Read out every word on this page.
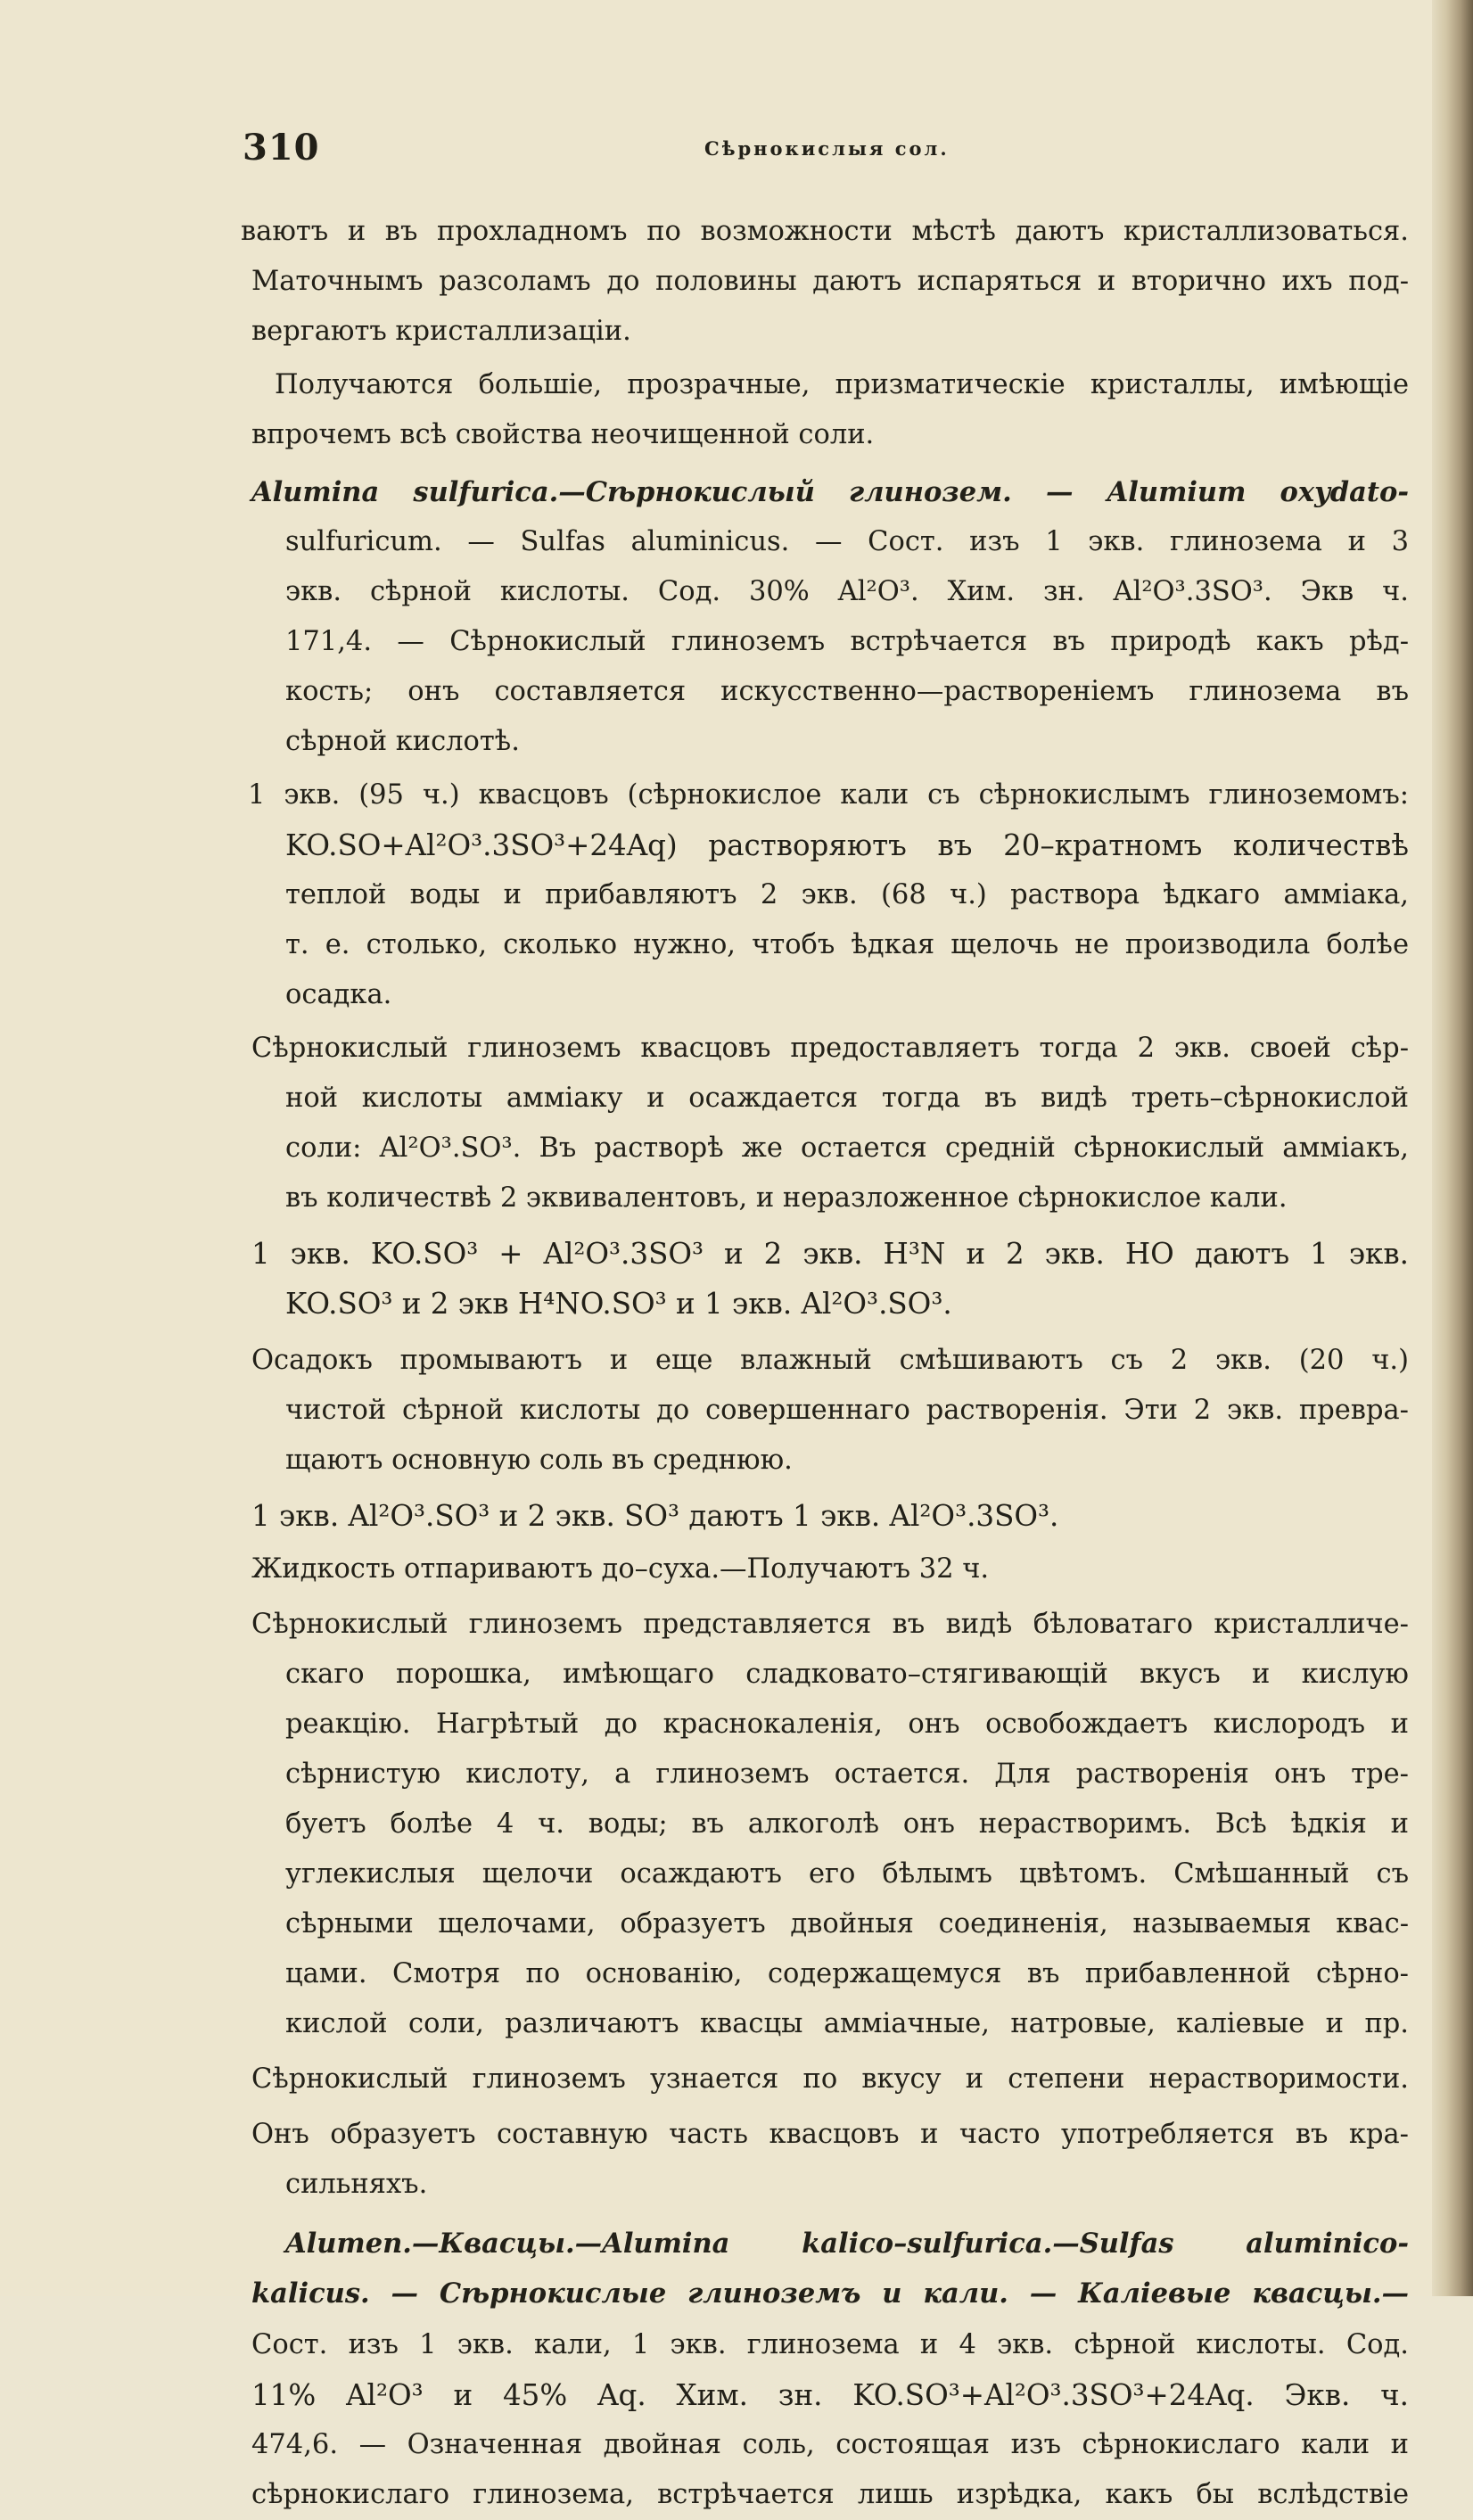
310	Сѣрнокислыя сол.
ваютъ и въ прохладномъ по возможности мѣстѣ даютъ кристаллизоваться.
Маточнымъ разсоламъ до половины даютъ испаряться и вторично ихъ под-
вергаютъ кристаллизаціи.
Получаются большіе, прозрачные, призматическіе кристаллы, имѣющіе
впрочемъ всѣ свойства неочищенной соли.
Alumina sulfurica.—Сѣрнокислый глинозем. — Alumium oxydato-
sulfuricum. — Sulfas aluminicus. — Сост. изъ 1 экв. глинозема и 3
экв. сѣрной кислоты. Сод. 30% Al²O³. Хим. зн. Al²O³.3SO³. Экв ч.
171,4. — Сѣрнокислый глиноземъ встрѣчается въ природѣ какъ рѣд-
кость; онъ составляется искусственно—раствореніемъ глинозема въ
сѣрной кислотѣ.
1 экв. (95 ч.) квасцовъ (сѣрнокислое кали съ сѣрнокислымъ глиноземомъ:
KO.SO+Al²O³.3SO³+24Aq) растворяютъ въ 20–кратномъ количествѣ
теплой воды и прибавляютъ 2 экв. (68 ч.) раствора ѣдкаго амміака,
т. е. столько, сколько нужно, чтобъ ѣдкая щелочь не производила болѣе
осадка.
Сѣрнокислый глиноземъ квасцовъ предоставляетъ тогда 2 экв. своей сѣр-
ной кислоты амміаку и осаждается тогда въ видѣ треть–сѣрнокислой
соли: Al²O³.SO³. Въ растворѣ же остается средній сѣрнокислый амміакъ,
въ количествѣ 2 эквивалентовъ, и неразложенное сѣрнокислое кали.
1 экв. KO.SO³ + Al²O³.3SO³ и 2 экв. H³N и 2 экв. HO даютъ 1 экв.
KO.SO³ и 2 экв H⁴NO.SO³ и 1 экв. Al²O³.SO³.
Осадокъ промываютъ и еще влажный смѣшиваютъ съ 2 экв. (20 ч.)
чистой сѣрной кислоты до совершеннаго растворенія. Эти 2 экв. превра-
щаютъ основную соль въ среднюю.
1 экв. Al²O³.SO³ и 2 экв. SO³ даютъ 1 экв. Al²O³.3SO³.
Жидкость отпариваютъ до–суха.—Получаютъ 32 ч.
Сѣрнокислый глиноземъ представляется въ видѣ бѣловатаго кристалличе-
скаго порошка, имѣющаго сладковато–стягивающій вкусъ и кислую
реакцію. Нагрѣтый до краснокаленія, онъ освобождаетъ кислородъ и
сѣрнистую кислоту, а глиноземъ остается. Для растворенія онъ тре-
буетъ болѣе 4 ч. воды; въ алкоголѣ онъ нерастворимъ. Всѣ ѣдкія и
углекислыя щелочи осаждаютъ его бѣлымъ цвѣтомъ. Смѣшанный съ
сѣрными щелочами, образуетъ двойныя соединенія, называемыя квас-
цами. Смотря по основанію, содержащемуся въ прибавленной сѣрно-
кислой соли, различаютъ квасцы амміачные, натровые, каліевые и пр.
Сѣрнокислый глиноземъ узнается по вкусу и степени нерастворимости.
Онъ образуетъ составную часть квасцовъ и часто употребляется въ кра-
сильняхъ.
Alumen.—Квасцы.—Alumina kalico–sulfurica.—Sulfas aluminico-
kalicus. — Сѣрнокислые глиноземъ и кали. — Каліевые квасцы.—
Сост. изъ 1 экв. кали, 1 экв. глинозема и 4 экв. сѣрной кислоты. Сод.
11% Al²O³ и 45% Aq. Хим. зн. KO.SO³+Al²O³.3SO³+24Aq. Экв. ч.
474,6. — Означенная двойная соль, состоящая изъ сѣрнокислаго кали и
сѣрнокислаго глинозема, встрѣчается лишь изрѣдка, какъ бы вслѣдствіе
